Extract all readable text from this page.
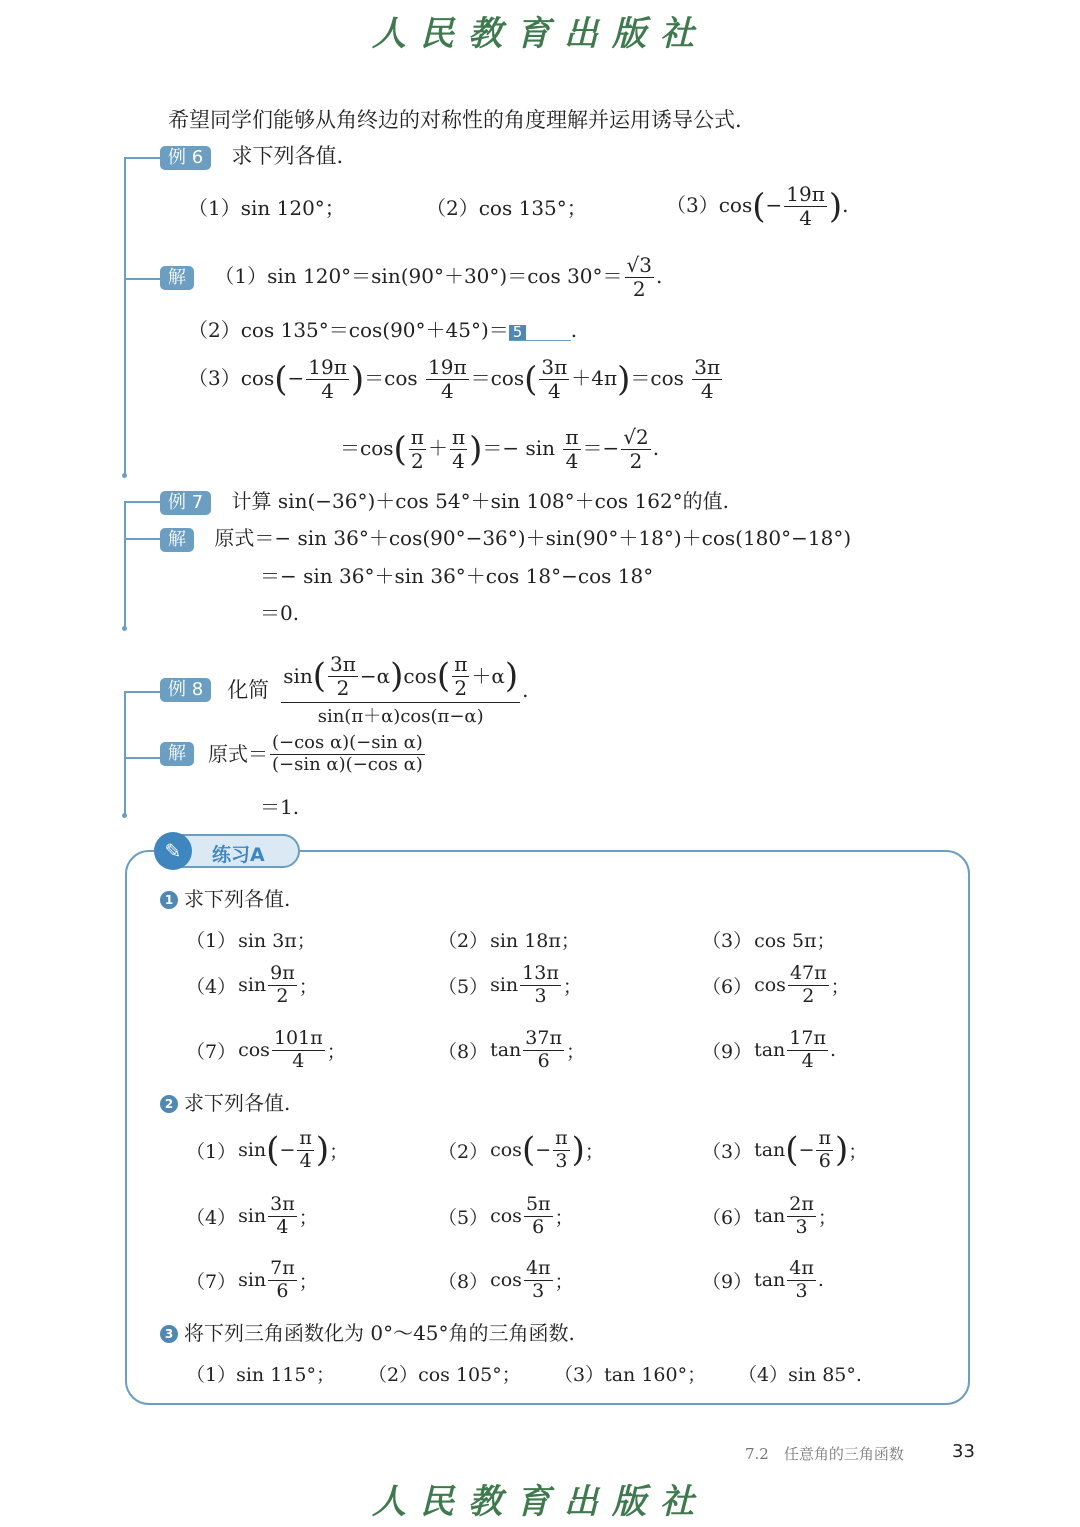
人民教育出版社
希望同学们能够从角终边的对称性的角度理解并运用诱导公式.
例 6 求下列各值.
（1）sin 120°；	（2）cos 135°；	$(3)\cos(- \frac{19\pi}{4}$ ).
解 （1）sin 120°＝sin(90°＋30°)＝cos $30^\circ= \frac{√3}{2}$ .
（2）cos 135°＝cos(90°＋45°)＝ 5 .
$(3)\cos(- \frac{19\pi}{4} )=\cos \frac{19\pi}{4} =\cos( \frac{3\pi}{4} +4\pi)=\cos \frac{3\pi}{4}$
$=\cos( \frac{\pi}{2} + \frac{\pi}{4}$ )＝− $\sin \frac{\pi}{4} =- \frac{√2}{2}$ .
例 7 计算 sin(−36°)＋cos 54°＋sin 108°＋cos 162°的值.
解 原式＝− sin 36°＋cos(90°−36°)＋sin(90°＋18°)＋cos(180°−18°)
＝− sin 36°＋sin 36°＋cos 18°−cos 18°
＝0.
例 8	化简 $\frac{\sin ( \frac{3\pi}{2} -\alpha ) \cos ( \frac{\pi}{2} +\alpha )}{\sin(\pi+\alpha)\cos(\pi-\alpha)}$ .
解	原式＝ $\frac{\text{(−cos α)(−sin α)}}{\text{(−sin α)(−cos α)}}$
＝1.
✎	练习A
1 求下列各值.
（1） sin 3π；	（2） sin 18π；	（3） cos 5π；
（4） $\sin \frac{9\pi}{2}$ ；	（5） $\sin \frac{13\pi}{3}$ ；	（6） $\cos \frac{47\pi}{2}$ ；
（7） $\cos \frac{101\pi}{4}$ ；	（8） $\tan \frac{37\pi}{6}$ ；	（9） $\tan \frac{17\pi}{4}$ .
2 求下列各值.
（1） sin ( − $\frac{\pi}{4}$ ) ；	（2） cos ( − $\frac{\pi}{3}$ ) ；	（3） tan ( − $\frac{\pi}{6}$ ) ；
（4） $\sin \frac{3\pi}{4}$ ；	（5） $\cos \frac{5\pi}{6}$ ；	（6） $\tan \frac{2\pi}{3}$ ；
（7） $\sin \frac{7\pi}{6}$ ；	（8） $\cos \frac{4\pi}{3}$ ；	（9） $\tan \frac{4\pi}{3}$ .
3 将下列三角函数化为 0°～45°角的三角函数.
（1）sin 115°； （2）cos 105°； （3）tan 160°； （4）sin 85°.
7.2　任意角的三角函数	33
人民教育出版社
